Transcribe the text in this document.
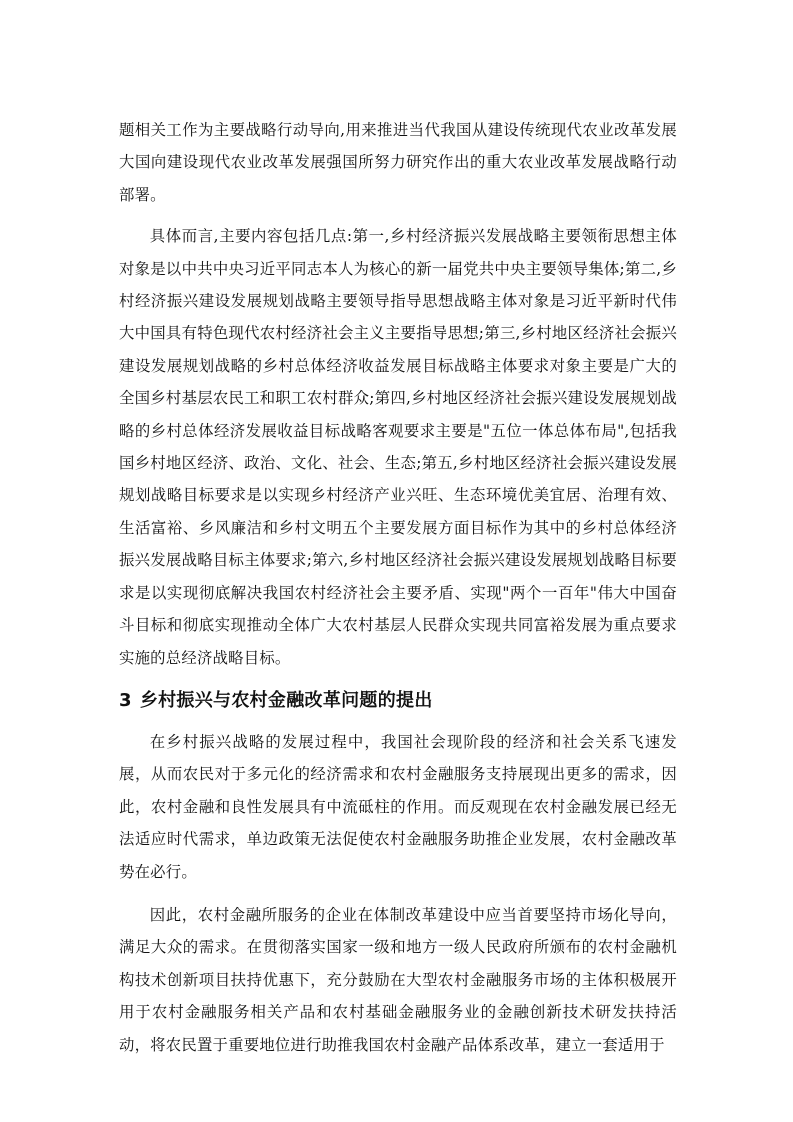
题相关工作为主要战略行动导向,用来推进当代我国从建设传统现代农业改革发展大国向建设现代农业改革发展强国所努力研究作出的重大农业改革发展战略行动部署。

具体而言,主要内容包括几点:第一,乡村经济振兴发展战略主要领衔思想主体对象是以中共中央习近平同志本人为核心的新一届党共中央主要领导集体;第二,乡村经济振兴建设发展规划战略主要领导指导思想战略主体对象是习近平新时代伟大中国具有特色现代农村经济社会主义主要指导思想;第三,乡村地区经济社会振兴建设发展规划战略的乡村总体经济收益发展目标战略主体要求对象主要是广大的全国乡村基层农民工和职工农村群众;第四,乡村地区经济社会振兴建设发展规划战略的乡村总体经济发展收益目标战略客观要求主要是"五位一体总体布局",包括我国乡村地区经济、政治、文化、社会、生态;第五,乡村地区经济社会振兴建设发展规划战略目标要求是以实现乡村经济产业兴旺、生态环境优美宜居、治理有效、生活富裕、乡风廉洁和乡村文明五个主要发展方面目标作为其中的乡村总体经济振兴发展战略目标主体要求;第六,乡村地区经济社会振兴建设发展规划战略目标要求是以实现彻底解决我国农村经济社会主要矛盾、实现"两个一百年"伟大中国奋斗目标和彻底实现推动全体广大农村基层人民群众实现共同富裕发展为重点要求实施的总经济战略目标。

3 乡村振兴与农村金融改革问题的提出

在乡村振兴战略的发展过程中，我国社会现阶段的经济和社会关系飞速发展，从而农民对于多元化的经济需求和农村金融服务支持展现出更多的需求，因此，农村金融和良性发展具有中流砥柱的作用。而反观现在农村金融发展已经无法适应时代需求，单边政策无法促使农村金融服务助推企业发展，农村金融改革势在必行。

因此，农村金融所服务的企业在体制改革建设中应当首要坚持市场化导向，满足大众的需求。在贯彻落实国家一级和地方一级人民政府所颁布的农村金融机构技术创新项目扶持优惠下，充分鼓励在大型农村金融服务市场的主体积极展开用于农村金融服务相关产品和农村基础金融服务业的金融创新技术研发扶持活动，将农民置于重要地位进行助推我国农村金融产品体系改革，建立一套适用于
